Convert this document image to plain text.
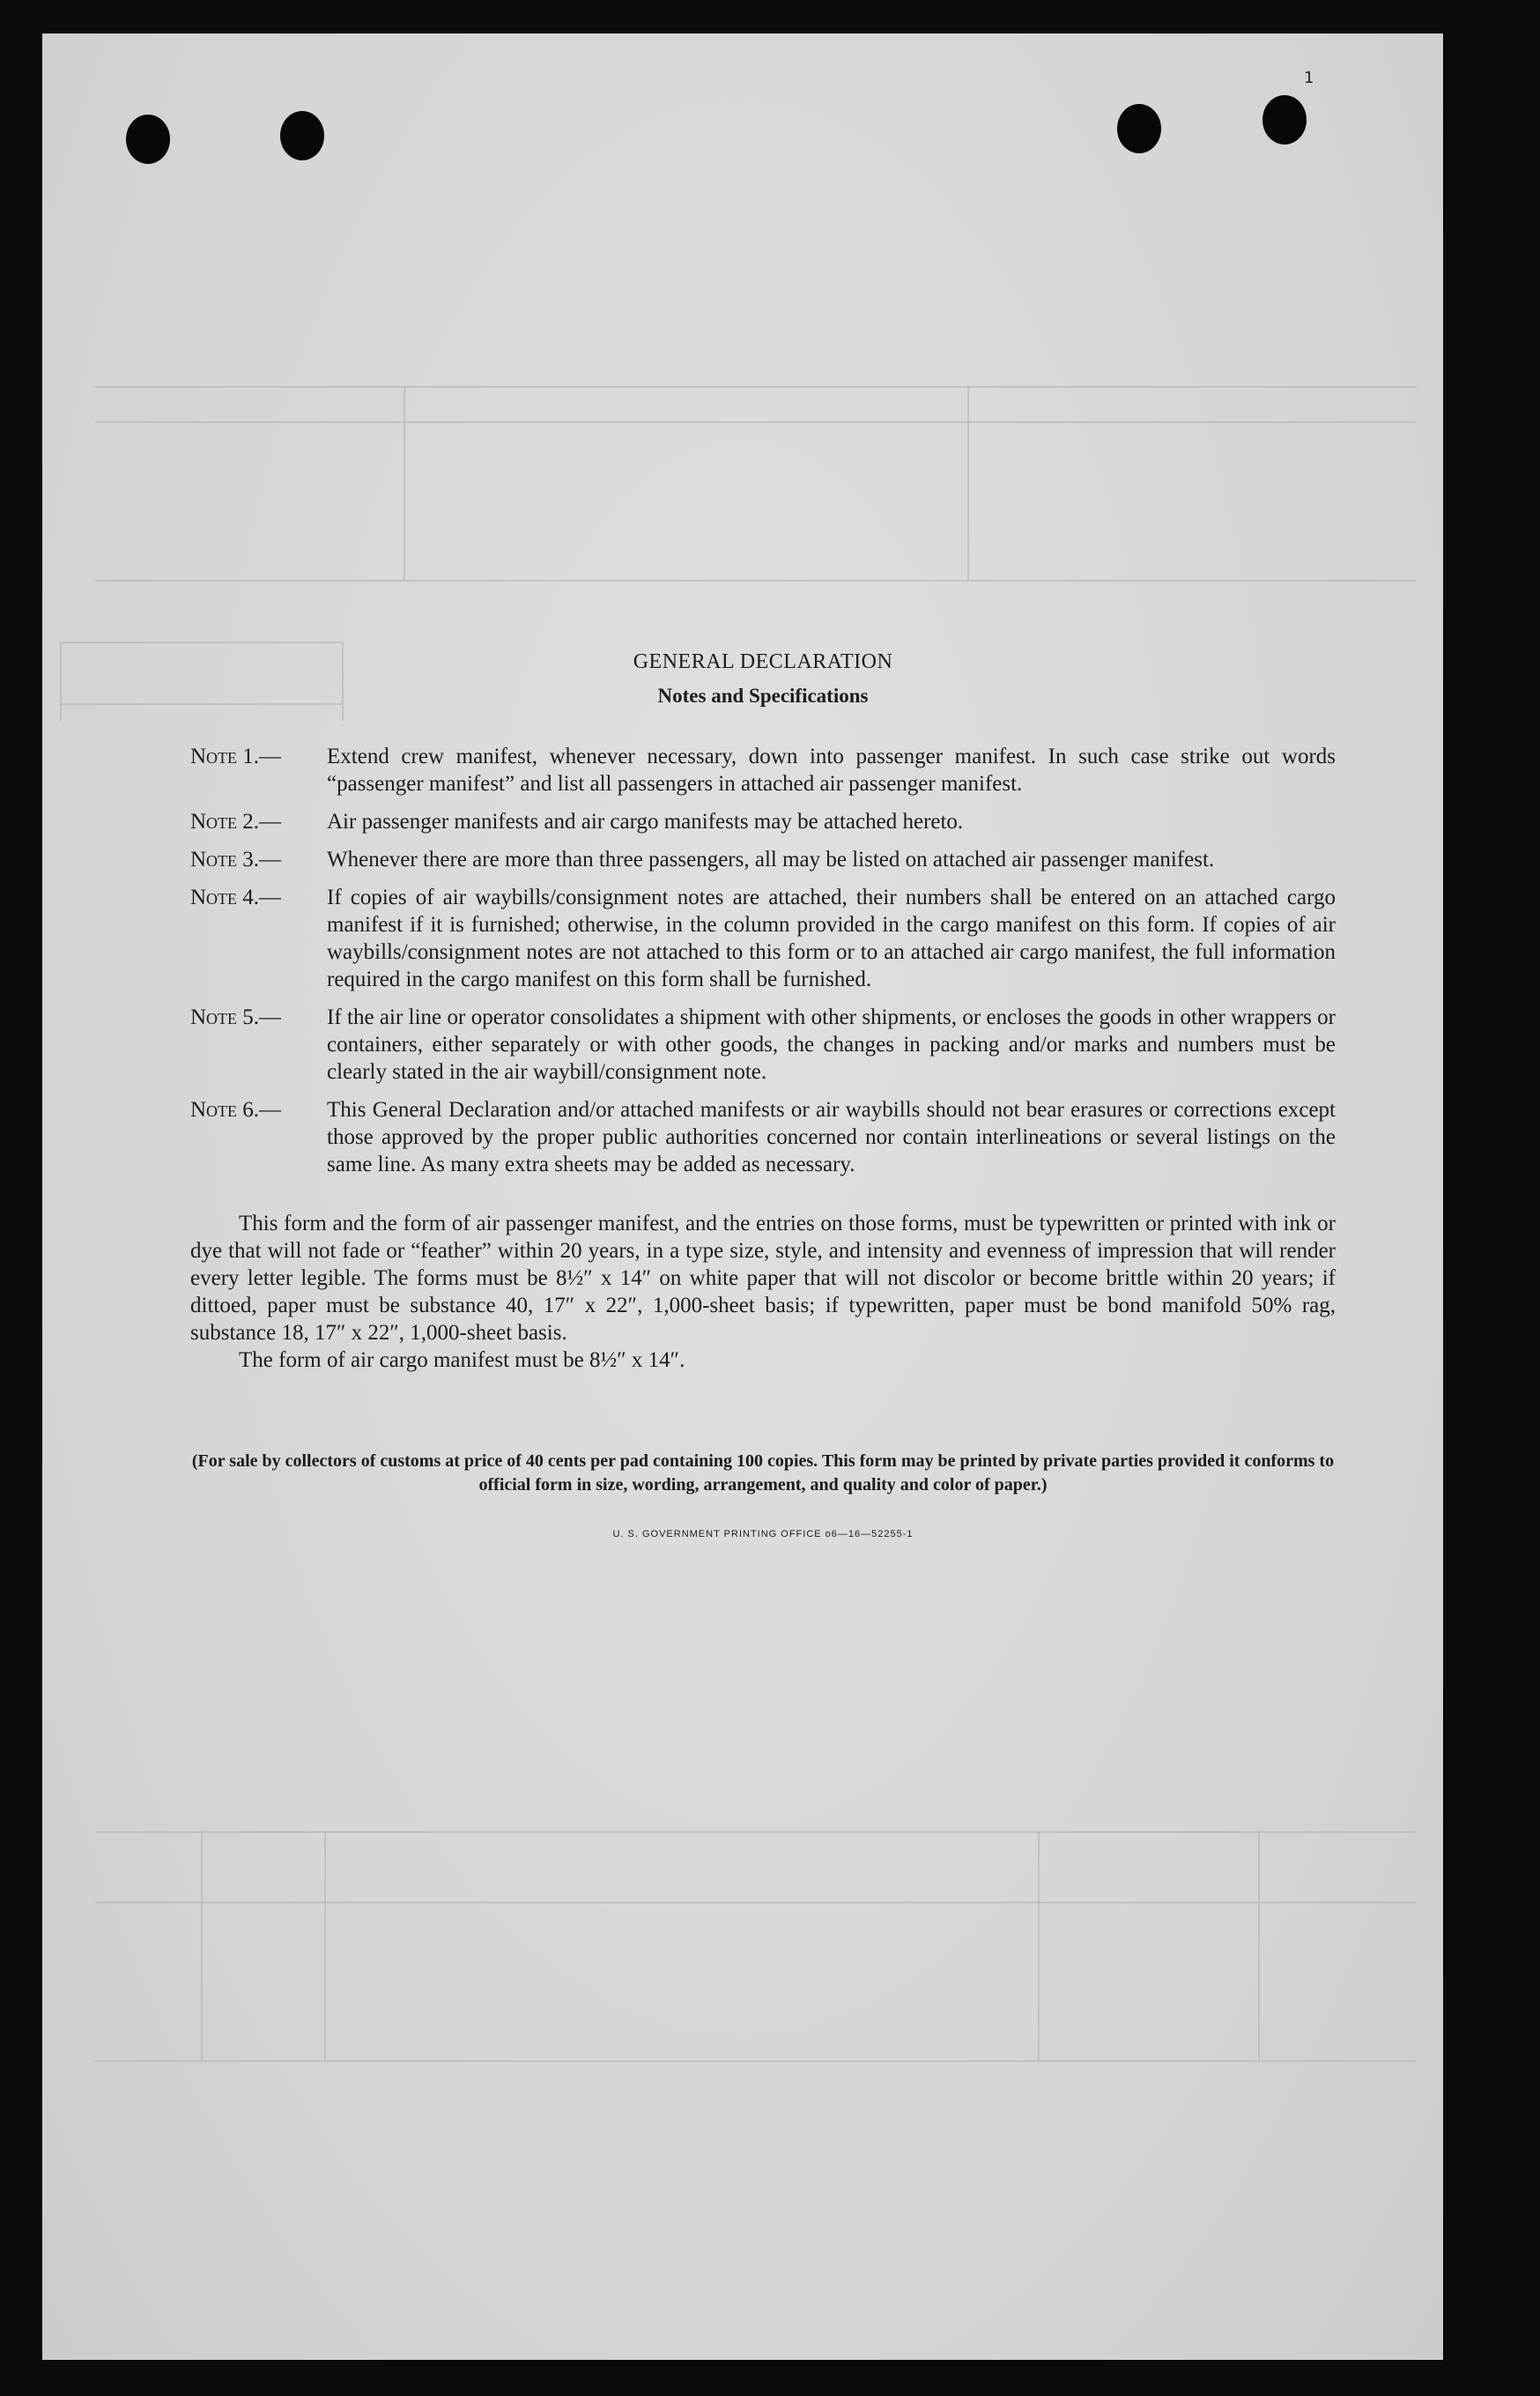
1
GENERAL DECLARATION
Notes and Specifications
Note 1.—	Extend crew manifest, whenever necessary, down into passenger manifest. In such case strike out words “passenger manifest” and list all passengers in attached air passenger manifest.
Note 2.—	Air passenger manifests and air cargo manifests may be attached hereto.
Note 3.—	Whenever there are more than three passengers, all may be listed on attached air passenger manifest.
Note 4.—	If copies of air waybills/consignment notes are attached, their numbers shall be entered on an attached cargo manifest if it is furnished; otherwise, in the column provided in the cargo manifest on this form. If copies of air waybills/consignment notes are not attached to this form or to an attached air cargo manifest, the full information required in the cargo manifest on this form shall be furnished.
Note 5.—	If the air line or operator consolidates a shipment with other shipments, or encloses the goods in other wrappers or containers, either separately or with other goods, the changes in packing and/or marks and numbers must be clearly stated in the air waybill/consignment note.
Note 6.—	This General Declaration and/or attached manifests or air waybills should not bear erasures or corrections except those approved by the proper public authorities concerned nor contain interlineations or several listings on the same line. As many extra sheets may be added as necessary.

This form and the form of air passenger manifest, and the entries on those forms, must be typewritten or printed with ink or dye that will not fade or “feather” within 20 years, in a type size, style, and intensity and evenness of impression that will render every letter legible. The forms must be 8½″ x 14″ on white paper that will not discolor or become brittle within 20 years; if dittoed, paper must be substance 40, 17″ x 22″, 1,000-sheet basis; if typewritten, paper must be bond manifold 50% rag, substance 18, 17″ x 22″, 1,000-sheet basis.

The form of air cargo manifest must be 8½″ x 14″.

(For sale by collectors of customs at price of 40 cents per pad containing 100 copies. This form may be printed by private parties provided it conforms to official form in size, wording, arrangement, and quality and color of paper.)
U. S. GOVERNMENT PRINTING OFFICE o6—16—52255-1
